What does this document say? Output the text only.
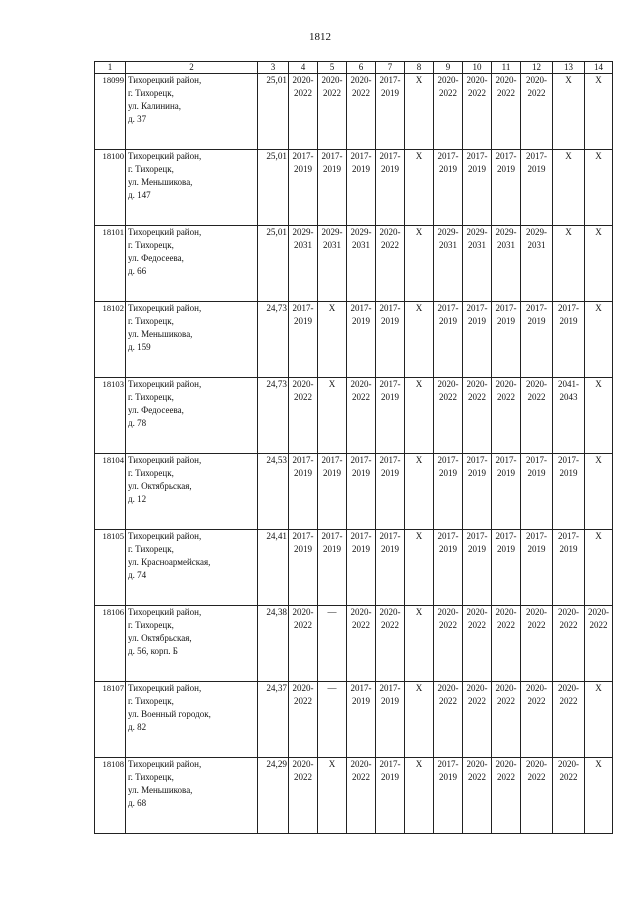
1812
1	2	3	4	5	6	7	8	9	10	11	12	13	14
18099	Тихорецкий район,
г. Тихорецк,
ул. Калинина,
д. 37	25,01	2020-
2022	2020-
2022	2020-
2022	2017-
2019	X	2020-
2022	2020-
2022	2020-
2022	2020-
2022	X	X

18100	Тихорецкий район,
г. Тихорецк,
ул. Меньшикова,
д. 147	25,01	2017-
2019	2017-
2019	2017-
2019	2017-
2019	X	2017-
2019	2017-
2019	2017-
2019	2017-
2019	X	X

18101	Тихорецкий район,
г. Тихорецк,
ул. Федосеева,
д. 66	25,01	2029-
2031	2029-
2031	2029-
2031	2020-
2022	X	2029-
2031	2029-
2031	2029-
2031	2029-
2031	X	X

18102	Тихорецкий район,
г. Тихорецк,
ул. Меньшикова,
д. 159	24,73	2017-
2019	X	2017-
2019	2017-
2019	X	2017-
2019	2017-
2019	2017-
2019	2017-
2019	2017-
2019	X

18103	Тихорецкий район,
г. Тихорецк,
ул. Федосеева,
д. 78	24,73	2020-
2022	X	2020-
2022	2017-
2019	X	2020-
2022	2020-
2022	2020-
2022	2020-
2022	2041-
2043	X

18104	Тихорецкий район,
г. Тихорецк,
ул. Октябрьская,
д. 12	24,53	2017-
2019	2017-
2019	2017-
2019	2017-
2019	X	2017-
2019	2017-
2019	2017-
2019	2017-
2019	2017-
2019	X

18105	Тихорецкий район,
г. Тихорецк,
ул. Красноармейская,
д. 74	24,41	2017-
2019	2017-
2019	2017-
2019	2017-
2019	X	2017-
2019	2017-
2019	2017-
2019	2017-
2019	2017-
2019	X

18106	Тихорецкий район,
г. Тихорецк,
ул. Октябрьская,
д. 56, корп. Б	24,38	2020-
2022	—	2020-
2022	2020-
2022	X	2020-
2022	2020-
2022	2020-
2022	2020-
2022	2020-
2022	2020-
2022

18107	Тихорецкий район,
г. Тихорецк,
ул. Военный городок,
д. 82	24,37	2020-
2022	—	2017-
2019	2017-
2019	X	2020-
2022	2020-
2022	2020-
2022	2020-
2022	2020-
2022	X

18108	Тихорецкий район,
г. Тихорецк,
ул. Меньшикова,
д. 68	24,29	2020-
2022	X	2020-
2022	2017-
2019	X	2017-
2019	2020-
2022	2020-
2022	2020-
2022	2020-
2022	X
